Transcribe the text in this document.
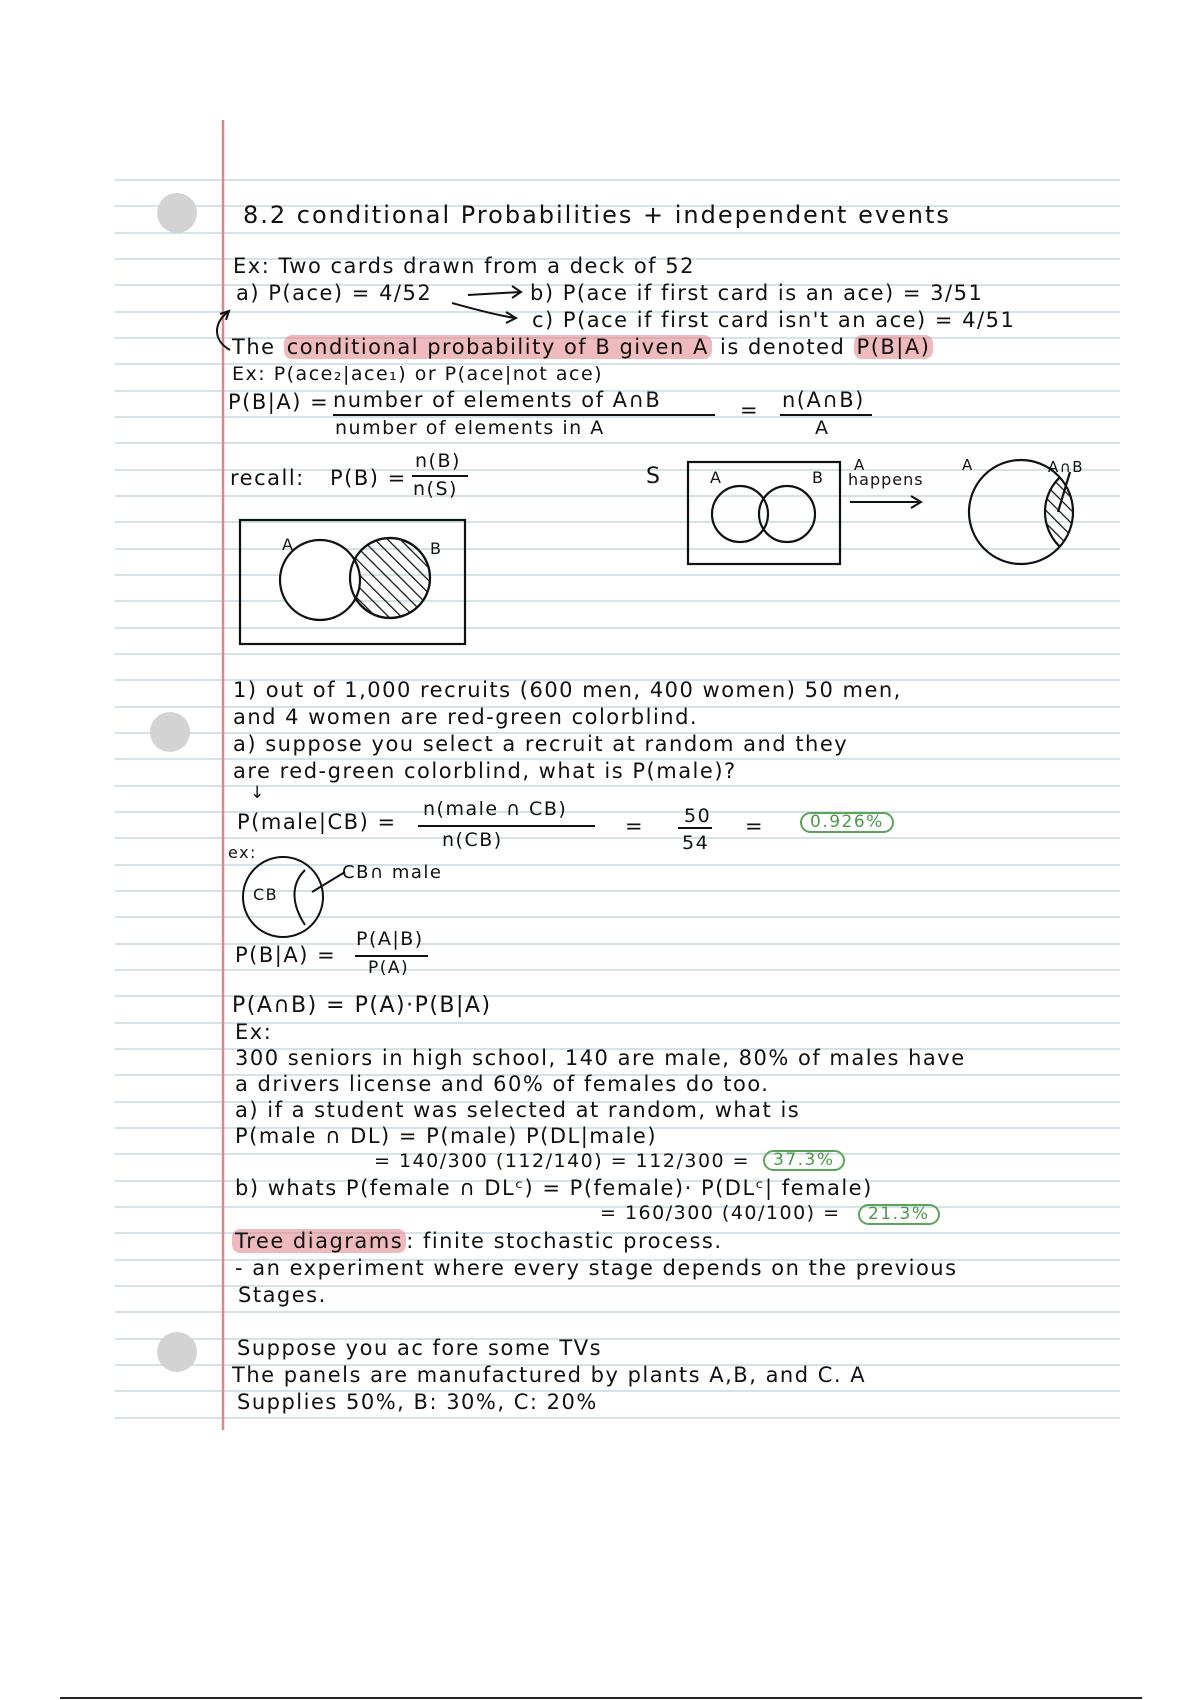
8.2 conditional Probabilities + independent events
Ex: Two cards drawn from a deck of 52
a) P(ace) = 4/52	b) P(ace if first card is an ace) = 3/51
c) P(ace if first card isn't an ace) = 4/51
The conditional probability of B given A is denoted P(B|A)
Ex: P(ace₂|ace₁) or P(ace|not ace)
P(B|A) = number of elements of A∩B
number of elements in A
= n(A∩B)
A
recall: P(B) =
n(B)
n(S)
A	B
S	A	B
A
happens
A	A∩B
1) out of 1,000 recruits (600 men, 400 women) 50 men,
and 4 women are red-green colorblind.
a) suppose you select a recruit at random and they
are red-green colorblind, what is P(male)?
↓
P(male|CB) =
n(male ∩ CB)
n(CB)
= 50
54
=	0.926%
ex:
CB
CB∩ male
P(B|A) =
P(A|B)
P(A)
P(A∩B) = P(A)·P(B|A)
Ex:
300 seniors in high school, 140 are male, 80% of males have
a drivers license and 60% of females do too.
a) if a student was selected at random, what is
P(male ∩ DL) = P(male) P(DL|male)
= 140/300 (112/140) = 112/300 =	37.3%
b) whats P(female ∩ DLᶜ) = P(female)· P(DLᶜ| female)
= 160/300 (40/100) =	21.3%
Tree diagrams : finite stochastic process.
- an experiment where every stage depends on the previous
Stages.
Suppose you ac fore some TVs
The panels are manufactured by plants A,B, and C. A
Supplies 50%, B: 30%, C: 20%
